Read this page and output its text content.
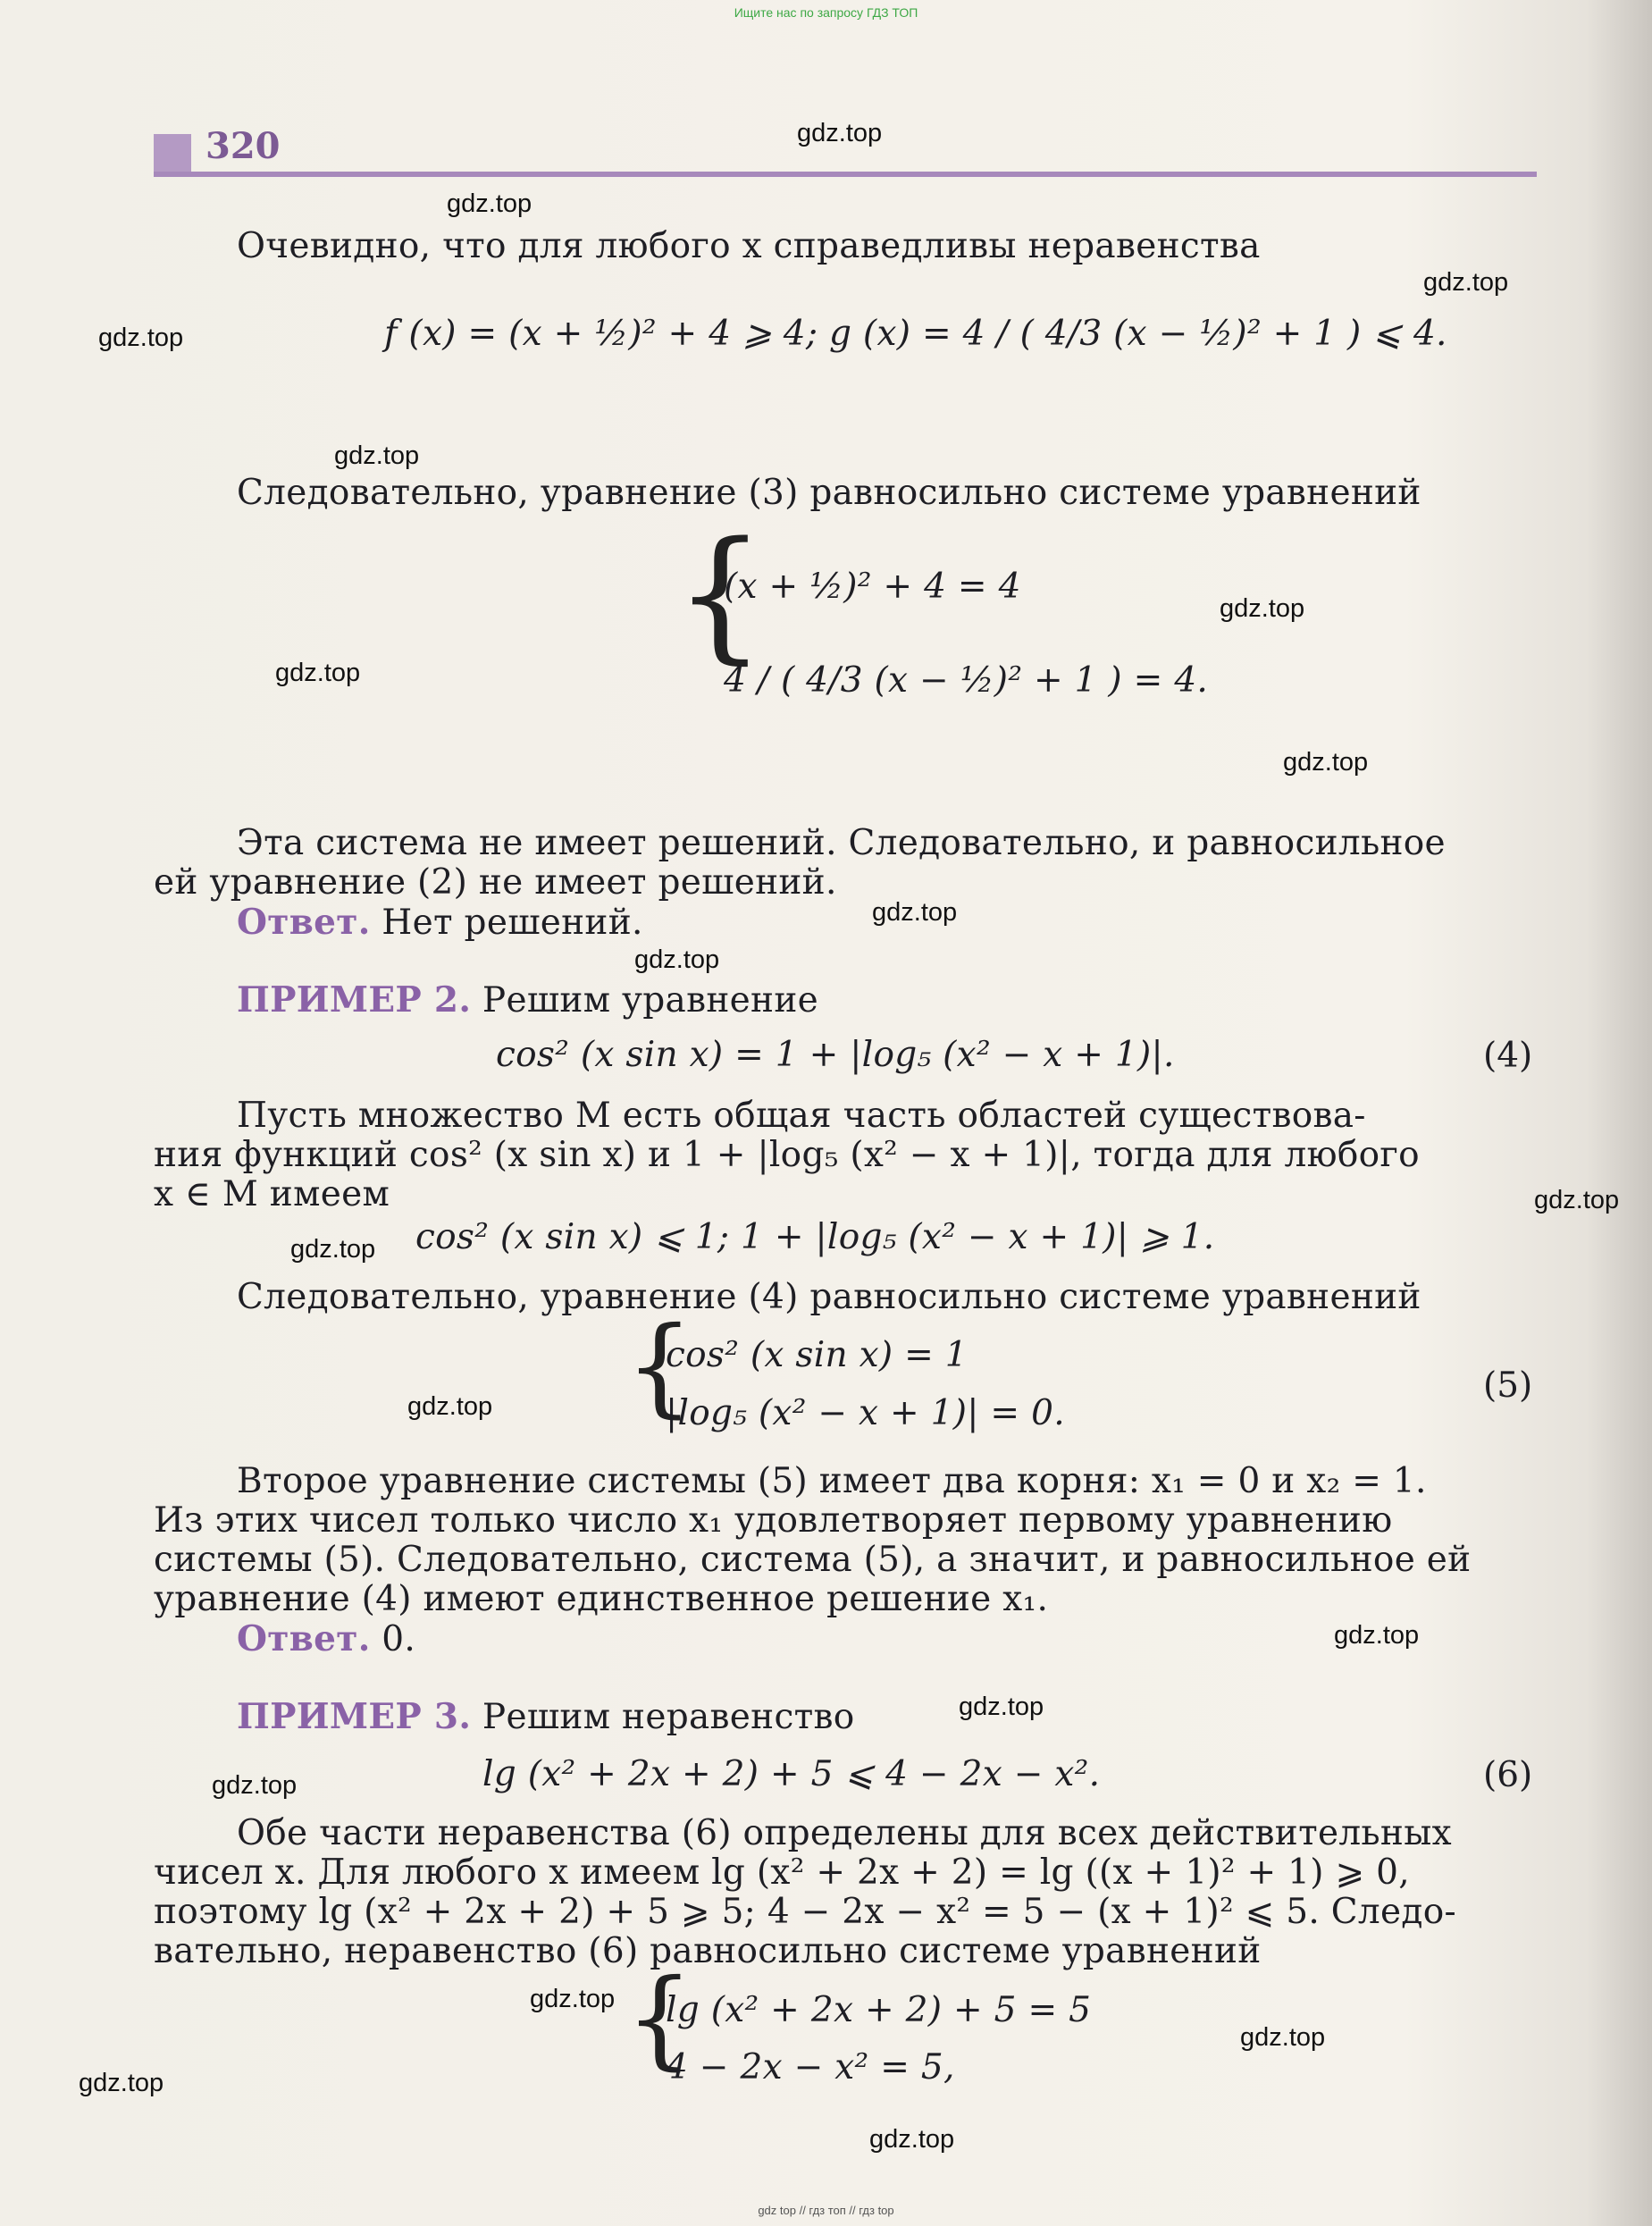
Ищите нас по запросу ГДЗ ТОП
320
Очевидно, что для любого x справедливы неравенства
f (x) = (x + ½)² + 4 ⩾ 4; g (x) = 4 / ( 4/3 (x − ½)² + 1 ) ⩽ 4.
Следовательно, уравнение (3) равносильно системе уравнений
{
(x + ½)² + 4 = 4
4 / ( 4/3 (x − ½)² + 1 ) = 4.
Эта система не имеет решений. Следовательно, и равносильное
ей уравнение (2) не имеет решений.
Ответ. Нет решений.
ПРИМЕР 2. Решим уравнение
cos² (x sin x) = 1 + |log₅ (x² − x + 1)|.	(4)
Пусть множество M есть общая часть областей существова-
ния функций cos² (x sin x) и 1 + |log₅ (x² − x + 1)|, тогда для любого
x ∈ M имеем
cos² (x sin x) ⩽ 1; 1 + |log₅ (x² − x + 1)| ⩾ 1.
Следовательно, уравнение (4) равносильно системе уравнений
{
cos² (x sin x) = 1
|log₅ (x² − x + 1)| = 0.
(5)
Второе уравнение системы (5) имеет два корня: x₁ = 0 и x₂ = 1.
Из этих чисел только число x₁ удовлетворяет первому уравнению
системы (5). Следовательно, система (5), а значит, и равносильное ей
уравнение (4) имеют единственное решение x₁.
Ответ. 0.
ПРИМЕР 3. Решим неравенство
lg (x² + 2x + 2) + 5 ⩽ 4 − 2x − x².	(6)
Обе части неравенства (6) определены для всех действительных
чисел x. Для любого x имеем lg (x² + 2x + 2) = lg ((x + 1)² + 1) ⩾ 0,
поэтому lg (x² + 2x + 2) + 5 ⩾ 5; 4 − 2x − x² = 5 − (x + 1)² ⩽ 5. Следо-
вательно, неравенство (6) равносильно системе уравнений
{
lg (x² + 2x + 2) + 5 = 5
4 − 2x − x² = 5,
gdz.top
gdz.top
gdz.top
gdz.top
gdz.top
gdz.top
gdz.top
gdz.top
gdz.top
gdz.top
gdz.top
gdz.top
gdz.top
gdz.top
gdz.top
gdz.top
gdz.top
gdz.top
gdz.top
gdz.top
gdz top // гдз топ // гдз top
